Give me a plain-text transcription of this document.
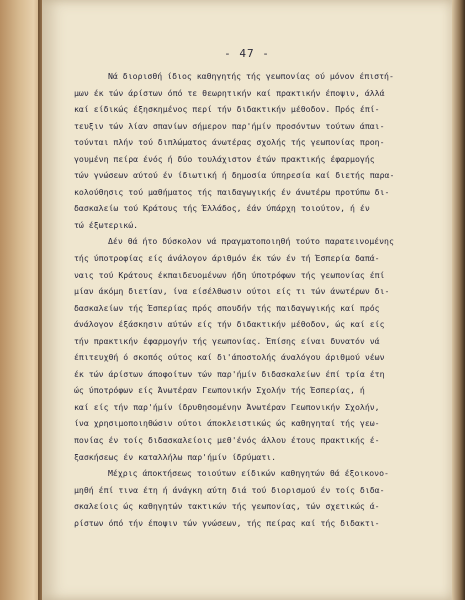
- 47 -
Νά διορισθή ίδιος καθηγητής τής γεωπονίας ού μόνον έπιστή-
μων έκ τών άρίστων όπό τε θεωρητικήν καί πρακτικήν έποψιν, άλλά
καί είδικώς έξησκημένος περί τήν διδακτικήν μέθοδον. Πρός έπί-
τευξιν τών λίαν σπανίων σήμερον παρ'ήμίν προσόντων τούτων άπαι-
τούνται πλήν τού διπλώματος άνωτέρας σχολής τής γεωπονίας προη-
γουμένη πείρα ένός ή δύο τουλάχιστον έτών πρακτικής έφαρμογής
τών γνώσεων αύτού έν ίδιωτική ή δημοσία ύπηρεσία καί διετής παρα-
κολούθησις τού μαθήματος τής παιδαγωγικής έν άνωτέρω προτύπω δι-
δασκαλείω τού Κράτους τής Έλλάδος, έάν ύπάρχη τοιούτον, ή έν
τώ έξωτερικώ.
Δέν θά ήτο δύσκολον νά πραγματοποιηθή τούτο παρατεινομένης
τής ύποτροφίας είς άνάλογον άριθμόν έκ τών έν τή Έσπερία δαπά-
ναις τού Κράτους έκπαιδευομένων ήδη ύποτρόφων τής γεωπονίας έπί
μίαν άκόμη διετίαν, ίνα είσέλθωσιν ούτοι είς τι τών άνωτέρων δι-
δασκαλείων τής Έσπερίας πρός σπουδήν τής παιδαγωγικής καί πρός
άνάλογον έξάσκησιν αύτών είς τήν διδακτικήν μέθοδον, ώς καί είς
τήν πρακτικήν έφαρμογήν τής γεωπονίας. Έπίσης είναι δυνατόν νά
έπιτευχθή ό σκοπός ούτος καί δι'άποστολής άναλόγου άριθμού νέων
έκ τών άρίστων άποφοίτων τών παρ'ήμίν διδασκαλείων έπί τρία έτη
ώς ύποτρόφων είς Άνωτέραν Γεωπονικήν Σχολήν τής Έσπερίας, ή
καί είς τήν παρ'ήμίν ίδρυθησομένην Άνωτέραν Γεωπονικήν Σχολήν,
ίνα χρησιμοποιηθώσιν ούτοι άποκλειστικώς ώς καθηγηταί τής γεω-
πονίας έν τοίς διδασκαλείοις μεθ'ένός άλλου έτους πρακτικής έ-
ξασκήσεως έν καταλλήλω παρ'ήμίν ίδρύματι.
Μέχρις άποκτήσεως τοιούτων είδικών καθηγητών θά έξοικονο-
μηθή έπί τινα έτη ή άνάγκη αύτη διά τού διορισμού έν τοίς διδα-
σκαλείοις ώς καθηγητών τακτικών τής γεωπονίας, τών σχετικώς ά-
ρίστων όπό τήν έποψιν τών γνώσεων, τής πείρας καί τής διδακτι-
